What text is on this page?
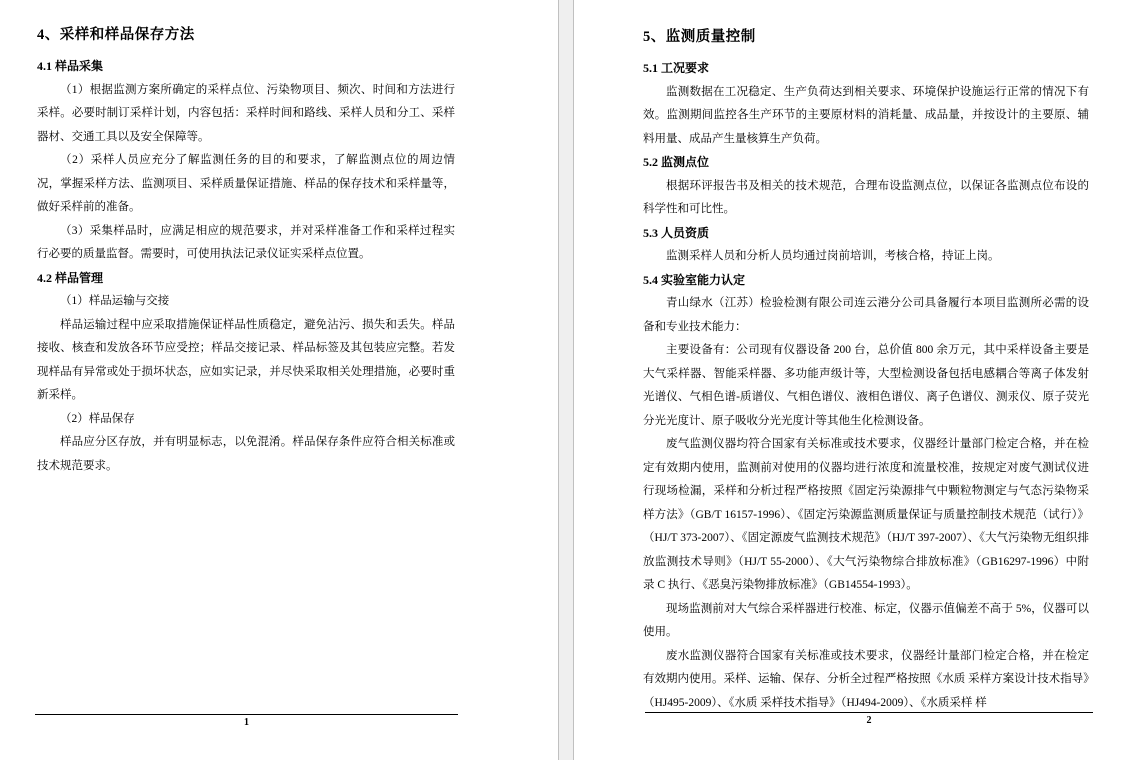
4、采样和样品保存方法
4.1 样品采集

（1）根据监测方案所确定的采样点位、污染物项目、频次、时间和方法进行采样。必要时制订采样计划，内容包括：采样时间和路线、采样人员和分工、采样器材、交通工具以及安全保障等。

（2）采样人员应充分了解监测任务的目的和要求，了解监测点位的周边情况，掌握采样方法、监测项目、采样质量保证措施、样品的保存技术和采样量等，做好采样前的准备。

（3）采集样品时，应满足相应的规范要求，并对采样准备工作和采样过程实行必要的质量监督。需要时，可使用执法记录仪证实采样点位置。

4.2 样品管理

（1）样品运输与交接

样品运输过程中应采取措施保证样品性质稳定，避免沾污、损失和丢失。样品接收、核查和发放各环节应受控；样品交接记录、样品标签及其包装应完整。若发现样品有异常或处于损坏状态，应如实记录，并尽快采取相关处理措施，必要时重新采样。

（2）样品保存

样品应分区存放，并有明显标志，以免混淆。样品保存条件应符合相关标准或技术规范要求。

1
5、监测质量控制
5.1 工况要求

监测数据在工况稳定、生产负荷达到相关要求、环境保护设施运行正常的情况下有效。监测期间监控各生产环节的主要原材料的消耗量、成品量，并按设计的主要原、辅料用量、成品产生量核算生产负荷。

5.2 监测点位

根据环评报告书及相关的技术规范，合理布设监测点位，以保证各监测点位布设的科学性和可比性。

5.3 人员资质

监测采样人员和分析人员均通过岗前培训，考核合格，持证上岗。

5.4 实验室能力认定

青山绿水（江苏）检验检测有限公司连云港分公司具备履行本项目监测所必需的设备和专业技术能力：

主要设备有：公司现有仪器设备 200 台，总价值 800 余万元，其中采样设备主要是大气采样器、智能采样器、多功能声级计等，大型检测设备包括电感耦合等离子体发射光谱仪、气相色谱-质谱仪、气相色谱仪、液相色谱仪、离子色谱仪、测汞仪、原子荧光分光光度计、原子吸收分光光度计等其他生化检测设备。

废气监测仪器均符合国家有关标准或技术要求，仪器经计量部门检定合格，并在检定有效期内使用，监测前对使用的仪器均进行浓度和流量校准，按规定对废气测试仪进行现场检漏，采样和分析过程严格按照《固定污染源排气中颗粒物测定与气态污染物采样方法》（GB/T 16157-1996）、《固定污染源监测质量保证与质量控制技术规范（试行）》（HJ/T 373-2007）、《固定源废气监测技术规范》（HJ/T 397-2007）、《大气污染物无组织排放监测技术导则》（HJ/T 55-2000）、《大气污染物综合排放标准》（GB16297-1996）中附录 C 执行、《恶臭污染物排放标准》（GB14554-1993）。

现场监测前对大气综合采样器进行校准、标定，仪器示值偏差不高于 5%，仪器可以使用。

废水监测仪器符合国家有关标准或技术要求，仪器经计量部门检定合格，并在检定有效期内使用。采样、运输、保存、分析全过程严格按照《水质 采样方案设计技术指导》（HJ495-2009）、《水质 采样技术指导》（HJ494-2009）、《水质采样 样

2
